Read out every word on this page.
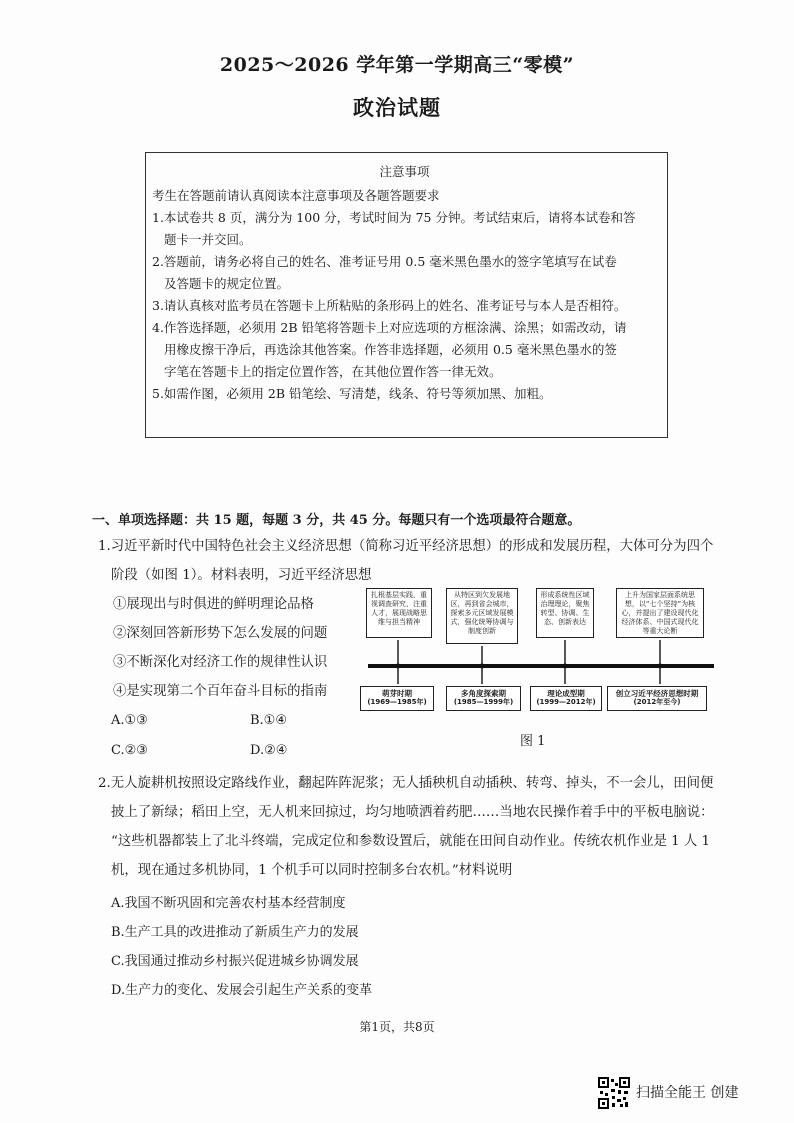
2025～2026 学年第一学期高三“零模”
政治试题
注意事项
考生在答题前请认真阅读本注意事项及各题答题要求
1.本试卷共 8 页，满分为 100 分，考试时间为 75 分钟。考试结束后，请将本试卷和答
题卡一并交回。
2.答题前，请务必将自己的姓名、准考证号用 0.5 毫米黑色墨水的签字笔填写在试卷
及答题卡的规定位置。
3.请认真核对监考员在答题卡上所粘贴的条形码上的姓名、准考证号与本人是否相符。
4.作答选择题，必须用 2B 铅笔将答题卡上对应选项的方框涂满、涂黑；如需改动，请
用橡皮擦干净后，再选涂其他答案。作答非选择题，必须用 0.5 毫米黑色墨水的签
字笔在答题卡上的指定位置作答，在其他位置作答一律无效。
5.如需作图，必须用 2B 铅笔绘、写清楚，线条、符号等须加黑、加粗。
一、单项选择题：共 15 题，每题 3 分，共 45 分。每题只有一个选项最符合题意。
1.习近平新时代中国特色社会主义经济思想（简称习近平经济思想）的形成和发展历程，大体可分为四个
阶段（如图 1）。材料表明，习近平经济思想
①展现出与时俱进的鲜明理论品格
②深刻回答新形势下怎么发展的问题
③不断深化对经济工作的规律性认识
④是实现第二个百年奋斗目标的指南
A.①③	B.①④
C.②③	D.②④
扎根基层实践，重视调查研究，注重人才，展现战略思维与担当精神
从特区到欠发展地区，再到省会城市，探索多元区域发展模式，强化统筹协调与制度创新
形成系统性区域治理理论，聚焦转型、协调、生态、创新表达
上升为国家层面系统思想，以“七个坚持”为核心，并提出了建设现代化经济体系、中国式现代化等重大论断
萌芽时期
(1969—1985年)
多角度探索期
(1985—1999年)
理论成型期
(1999—2012年)
创立习近平经济思想时期
(2012年至今)
图 1
2.无人旋耕机按照设定路线作业，翻起阵阵泥浆；无人插秧机自动插秧、转弯、掉头，不一会儿，田间便
披上了新绿；稻田上空，无人机来回掠过，均匀地喷洒着药肥……当地农民操作着手中的平板电脑说：
“这些机器都装上了北斗终端，完成定位和参数设置后，就能在田间自动作业。传统农机作业是 1 人 1
机，现在通过多机协同，1 个机手可以同时控制多台农机。”材料说明
A.我国不断巩固和完善农村基本经营制度
B.生产工具的改进推动了新质生产力的发展
C.我国通过推动乡村振兴促进城乡协调发展
D.生产力的变化、发展会引起生产关系的变革
第1页，共8页
扫描全能王 创建
